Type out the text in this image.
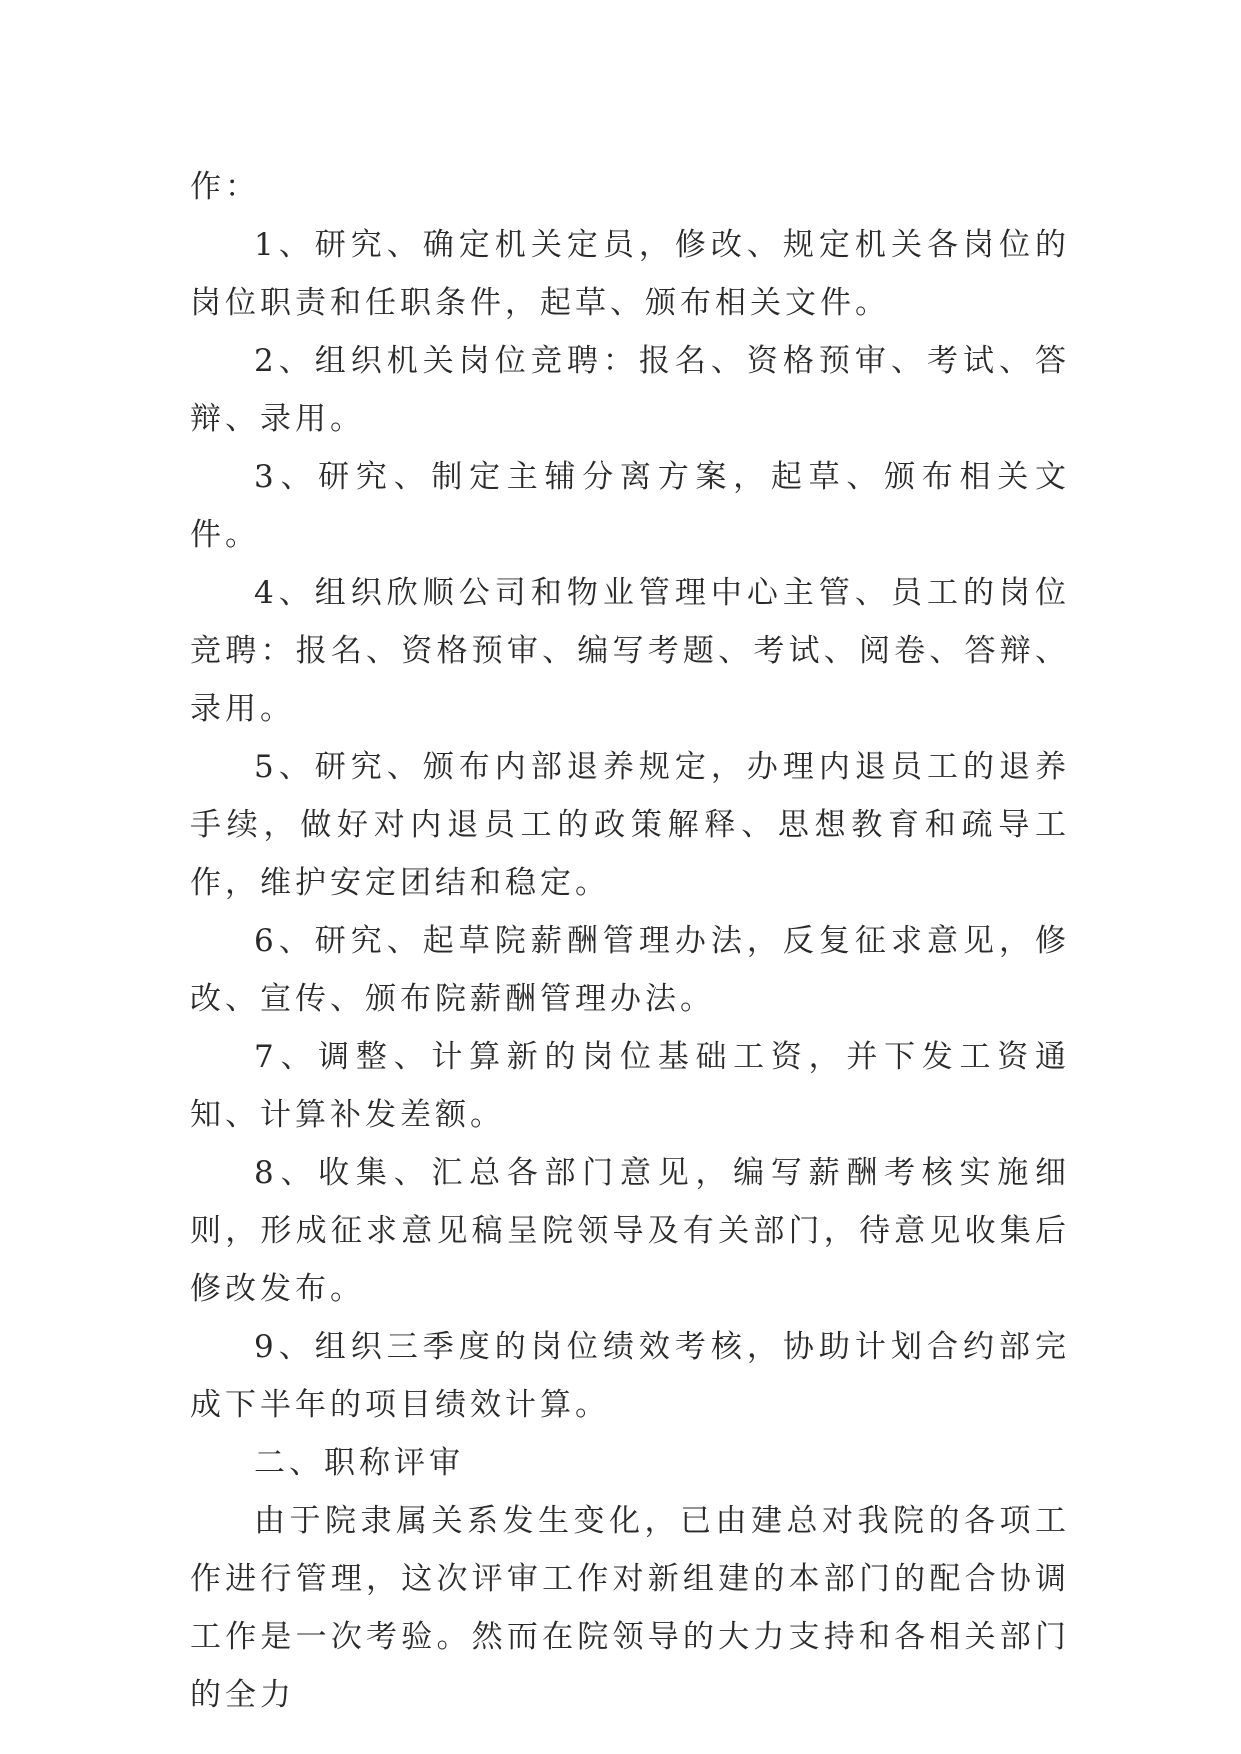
作：

1、研究、确定机关定员，修改、规定机关各岗位的岗位职责和任职条件，起草、颁布相关文件。

2、组织机关岗位竞聘：报名、资格预审、考试、答辩、录用。

3、研究、制定主辅分离方案，起草、颁布相关文件。

4、组织欣顺公司和物业管理中心主管、员工的岗位竞聘：报名、资格预审、编写考题、考试、阅卷、答辩、录用。

5、研究、颁布内部退养规定，办理内退员工的退养手续，做好对内退员工的政策解释、思想教育和疏导工作，维护安定团结和稳定。

6、研究、起草院薪酬管理办法，反复征求意见，修改、宣传、颁布院薪酬管理办法。

7、调整、计算新的岗位基础工资，并下发工资通知、计算补发差额。

8、收集、汇总各部门意见，编写薪酬考核实施细则，形成征求意见稿呈院领导及有关部门，待意见收集后修改发布。

9、组织三季度的岗位绩效考核，协助计划合约部完成下半年的项目绩效计算。

二、职称评审

由于院隶属关系发生变化，已由建总对我院的各项工作进行管理，这次评审工作对新组建的本部门的配合协调工作是一次考验。然而在院领导的大力支持和各相关部门的全力
